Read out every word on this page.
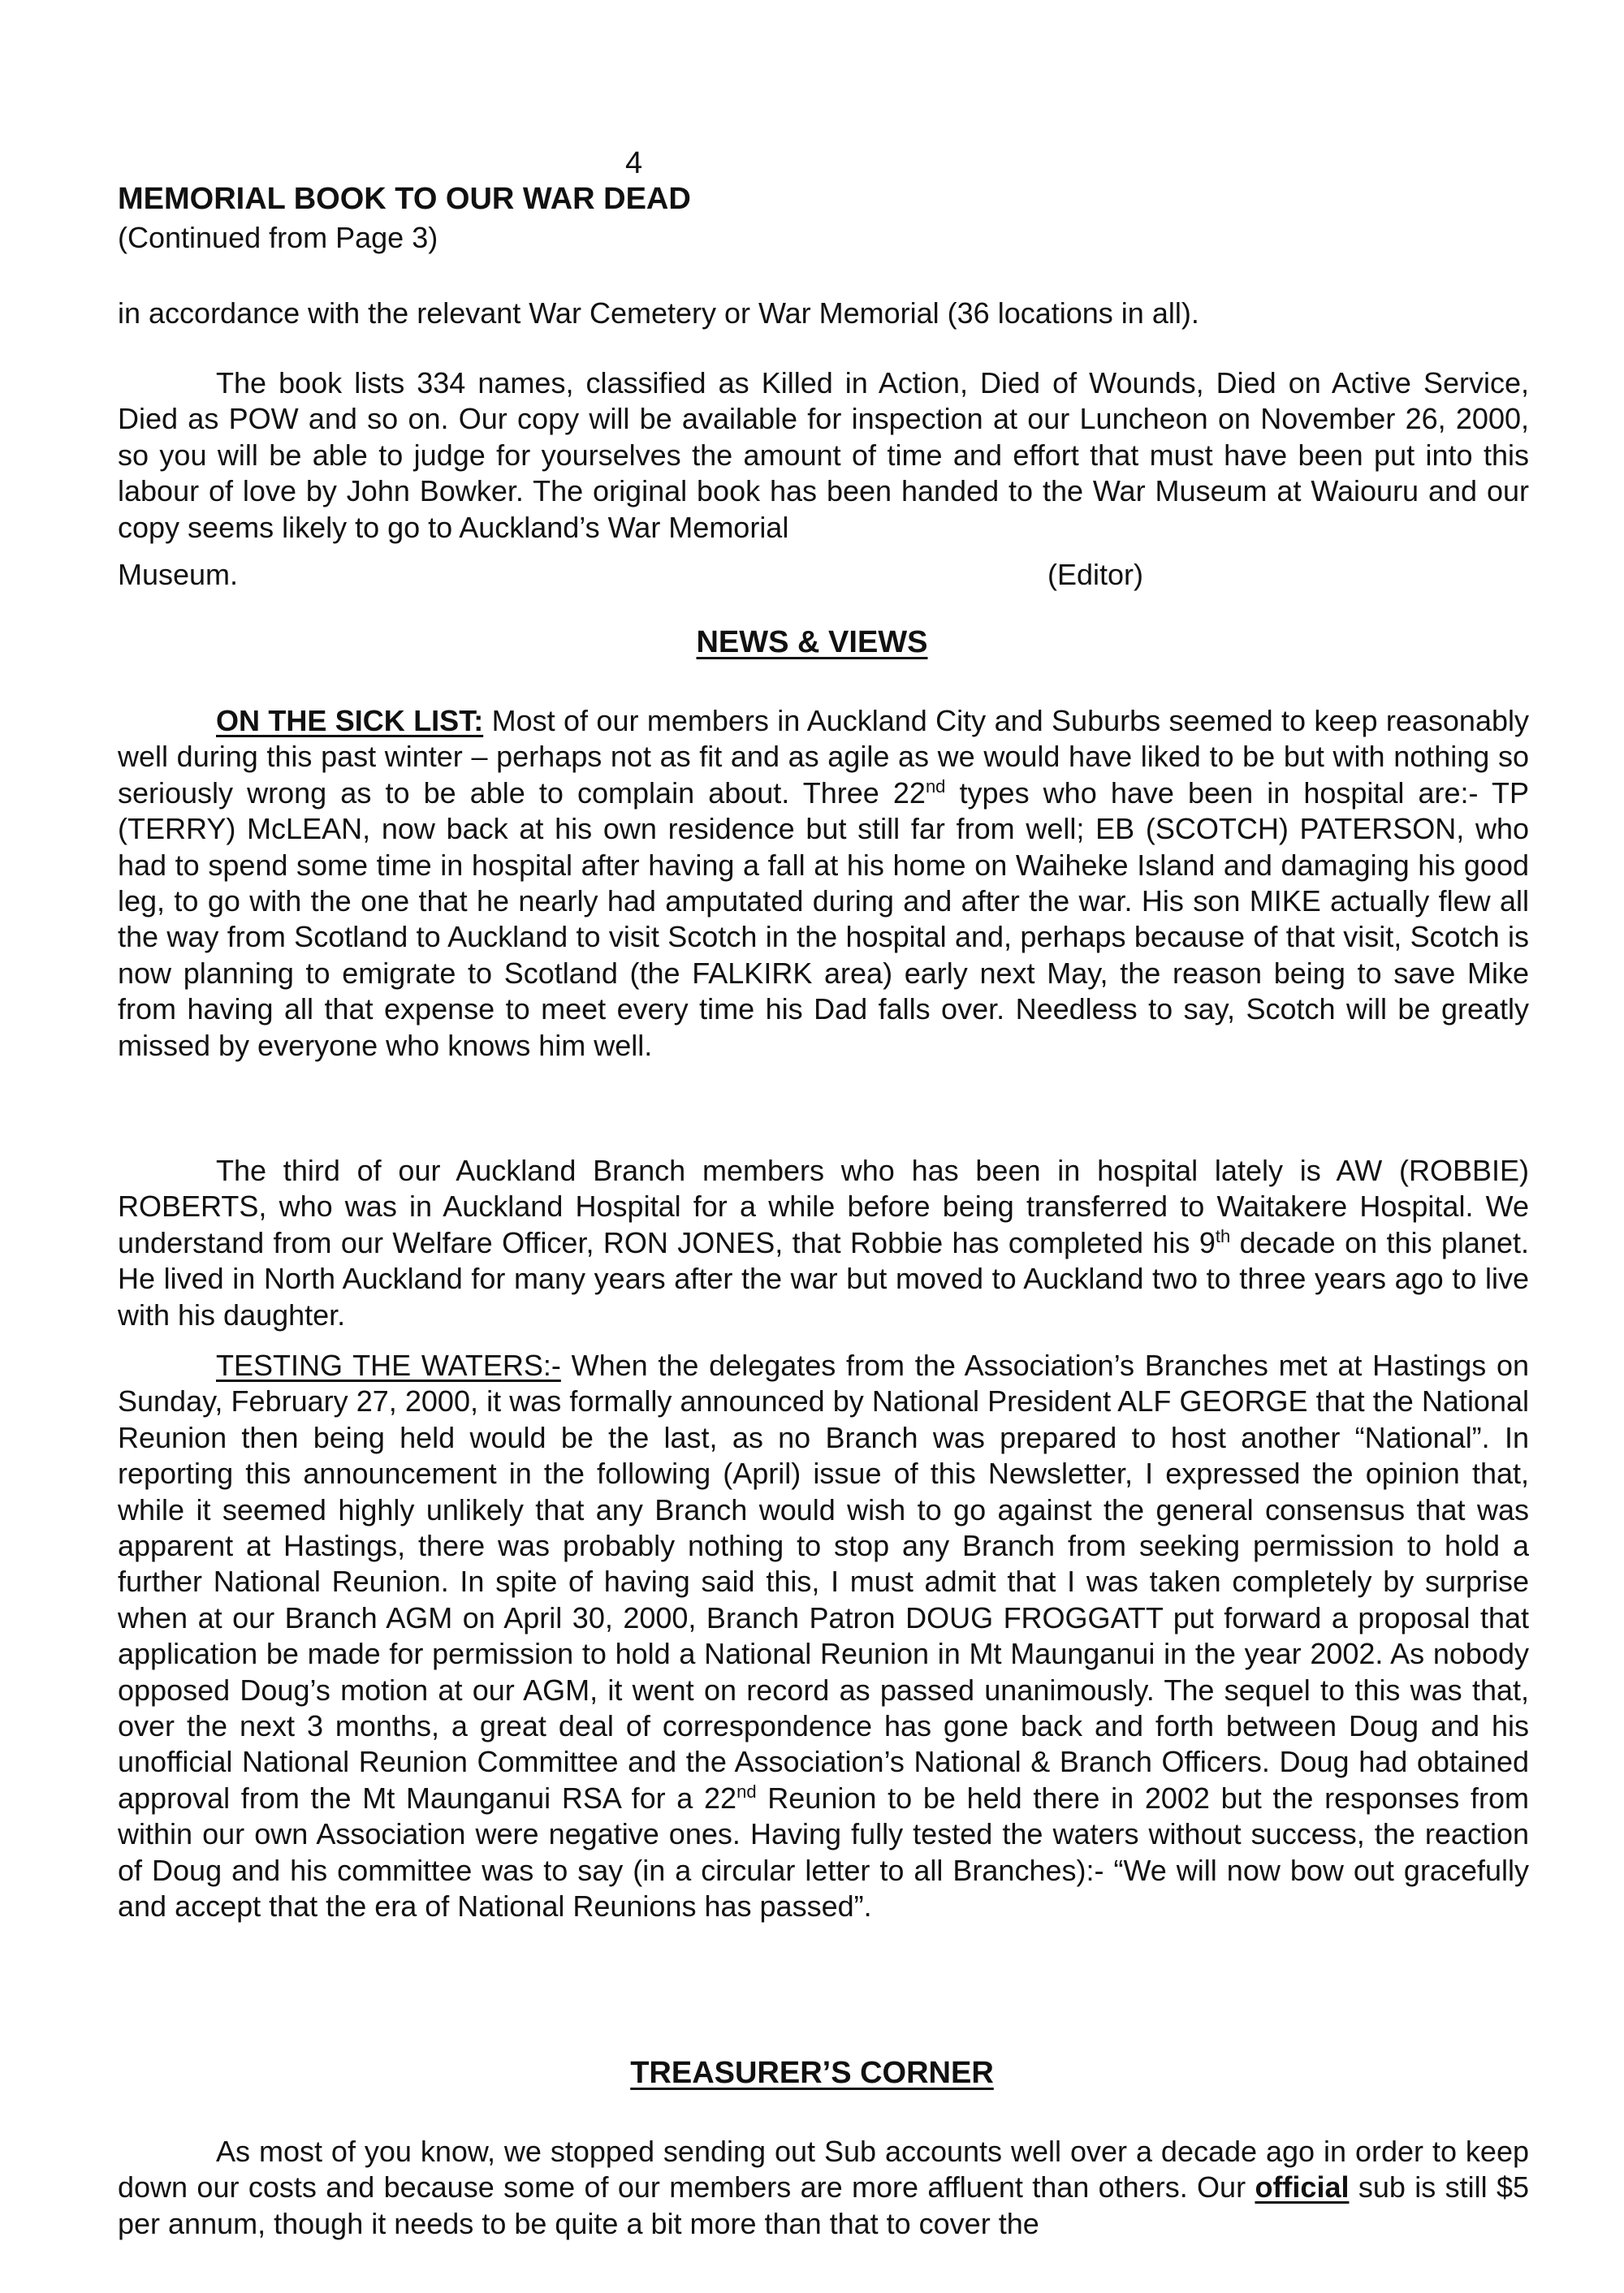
4
MEMORIAL BOOK TO OUR WAR DEAD
(Continued from Page 3)

in accordance with the relevant War Cemetery or War Memorial (36 locations in all).

The book lists 334 names, classified as Killed in Action, Died of Wounds, Died on Active Service, Died as POW and so on. Our copy will be available for inspection at our Luncheon on November 26, 2000, so you will be able to judge for yourselves the amount of time and effort that must have been put into this labour of love by John Bowker. The original book has been handed to the War Museum at Waiouru and our copy seems likely to go to Auckland’s War Memorial

Museum.	(Editor)
NEWS & VIEWS

ON THE SICK LIST: Most of our members in Auckland City and Suburbs seemed to keep reasonably well during this past winter – perhaps not as fit and as agile as we would have liked to be but with nothing so seriously wrong as to be able to complain about. Three 22nd types who have been in hospital are:- TP (TERRY) McLEAN, now back at his own residence but still far from well; EB (SCOTCH) PATERSON, who had to spend some time in hospital after having a fall at his home on Waiheke Island and damaging his good leg, to go with the one that he nearly had amputated during and after the war. His son MIKE actually flew all the way from Scotland to Auckland to visit Scotch in the hospital and, perhaps because of that visit, Scotch is now planning to emigrate to Scotland (the FALKIRK area) early next May, the reason being to save Mike from having all that expense to meet every time his Dad falls over. Needless to say, Scotch will be greatly missed by everyone who knows him well.

The third of our Auckland Branch members who has been in hospital lately is AW (ROBBIE) ROBERTS, who was in Auckland Hospital for a while before being transferred to Waitakere Hospital. We understand from our Welfare Officer, RON JONES, that Robbie has completed his 9th decade on this planet. He lived in North Auckland for many years after the war but moved to Auckland two to three years ago to live with his daughter.

TESTING THE WATERS:- When the delegates from the Association’s Branches met at Hastings on Sunday, February 27, 2000, it was formally announced by National President ALF GEORGE that the National Reunion then being held would be the last, as no Branch was prepared to host another “National”. In reporting this announcement in the following (April) issue of this Newsletter, I expressed the opinion that, while it seemed highly unlikely that any Branch would wish to go against the general consensus that was apparent at Hastings, there was probably nothing to stop any Branch from seeking permission to hold a further National Reunion. In spite of having said this, I must admit that I was taken completely by surprise when at our Branch AGM on April 30, 2000, Branch Patron DOUG FROGGATT put forward a proposal that application be made for permission to hold a National Reunion in Mt Maunganui in the year 2002. As nobody opposed Doug’s motion at our AGM, it went on record as passed unanimously. The sequel to this was that, over the next 3 months, a great deal of correspondence has gone back and forth between Doug and his unofficial National Reunion Committee and the Association’s National & Branch Officers. Doug had obtained approval from the Mt Maunganui RSA for a 22nd Reunion to be held there in 2002 but the responses from within our own Association were negative ones. Having fully tested the waters without success, the reaction of Doug and his committee was to say (in a circular letter to all Branches):- “We will now bow out gracefully and accept that the era of National Reunions has passed”.

TREASURER’S CORNER

As most of you know, we stopped sending out Sub accounts well over a decade ago in order to keep down our costs and because some of our members are more affluent than others. Our official sub is still $5 per annum, though it needs to be quite a bit more than that to cover the
